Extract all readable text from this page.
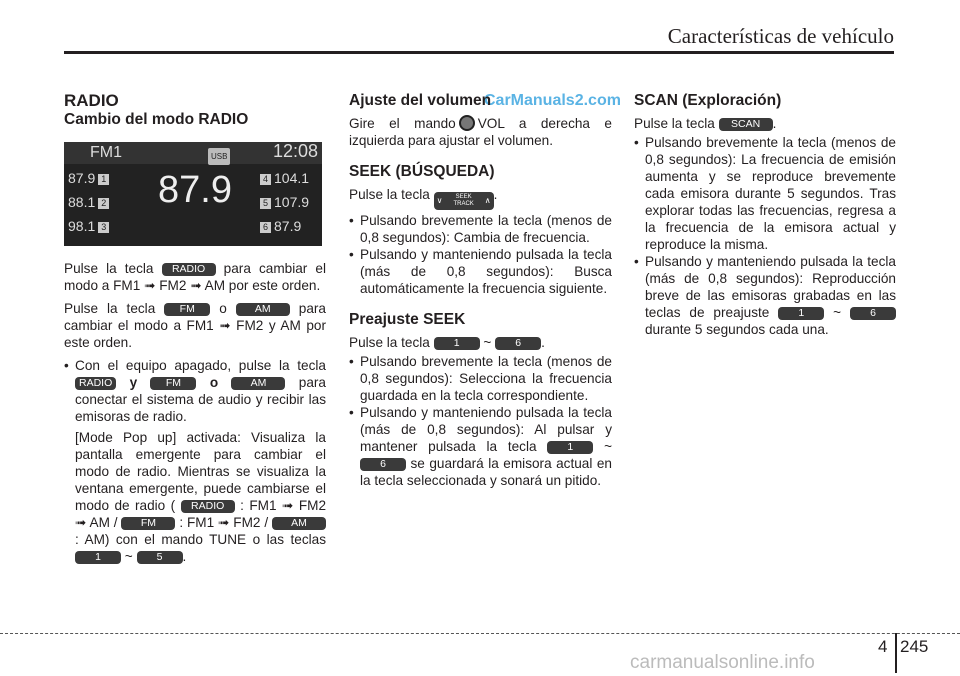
Características de vehículo
CarManuals2.com
RADIO
Cambio del modo RADIO
FM1	USB	12:08
87.9 1
88.1 2
98.1 3
87.9	4 104.1
5 107.9
6 87.9

Pulse la tecla RADIO para cambiar el modo a FM1 ➟ FM2 ➟ AM por este orden.

Pulse la tecla FM o	AM para cambiar el modo a FM1 ➟ FM2 y AM por este orden.

• Con el equipo apagado, pulse la tecla RADIO y	FM o	AM para conectar el sistema de audio y recibir las emisoras de radio.
[Mode Pop up] activada: Visualiza la pantalla emergente para cambiar el modo de radio. Mientras se visualiza la ventana emergente, puede cambiarse el modo de radio ( RADIO : FM1 ➟ FM2 ➟ AM / FM : FM1 ➟ FM2 / AM : AM) con el mando TUNE o las teclas 1 ~ 5 .
Ajuste del volumen

Gire el mando VOL a derecha e izquierda para ajustar el volumen.

SEEK (BÚSQUEDA)

Pulse la tecla ∨	SEEK
TRACK ∧ .

• Pulsando brevemente la tecla (menos de 0,8 segundos): Cambia de frecuencia.
• Pulsando y manteniendo pulsada la tecla (más de 0,8 segundos): Busca automáticamente la frecuencia siguiente.
Preajuste SEEK

Pulse la tecla 1 ~ 6 .

• Pulsando brevemente la tecla (menos de 0,8 segundos): Selecciona la frecuencia guardada en la tecla correspondiente.
• Pulsando y manteniendo pulsada la tecla (más de 0,8 segundos): Al pulsar y mantener pulsada la tecla	1 ~ 6 se guardará la emisora actual en la tecla seleccionada y sonará un pitido.
SCAN (Exploración)

Pulse la tecla SCAN .

• Pulsando brevemente la tecla (menos de 0,8 segundos): La frecuencia de emisión aumenta y se reproduce brevemente cada emisora durante 5 segundos. Tras explorar todas las frecuencias, regresa a la frecuencia de la emisora actual y reproduce la misma.
• Pulsando y manteniendo pulsada la tecla (más de 0,8 segundos): Reproducción breve de las emisoras grabadas en las teclas de preajuste	1 ~	6 durante 5 segundos cada una.
4 245
carmanualsonline.info
